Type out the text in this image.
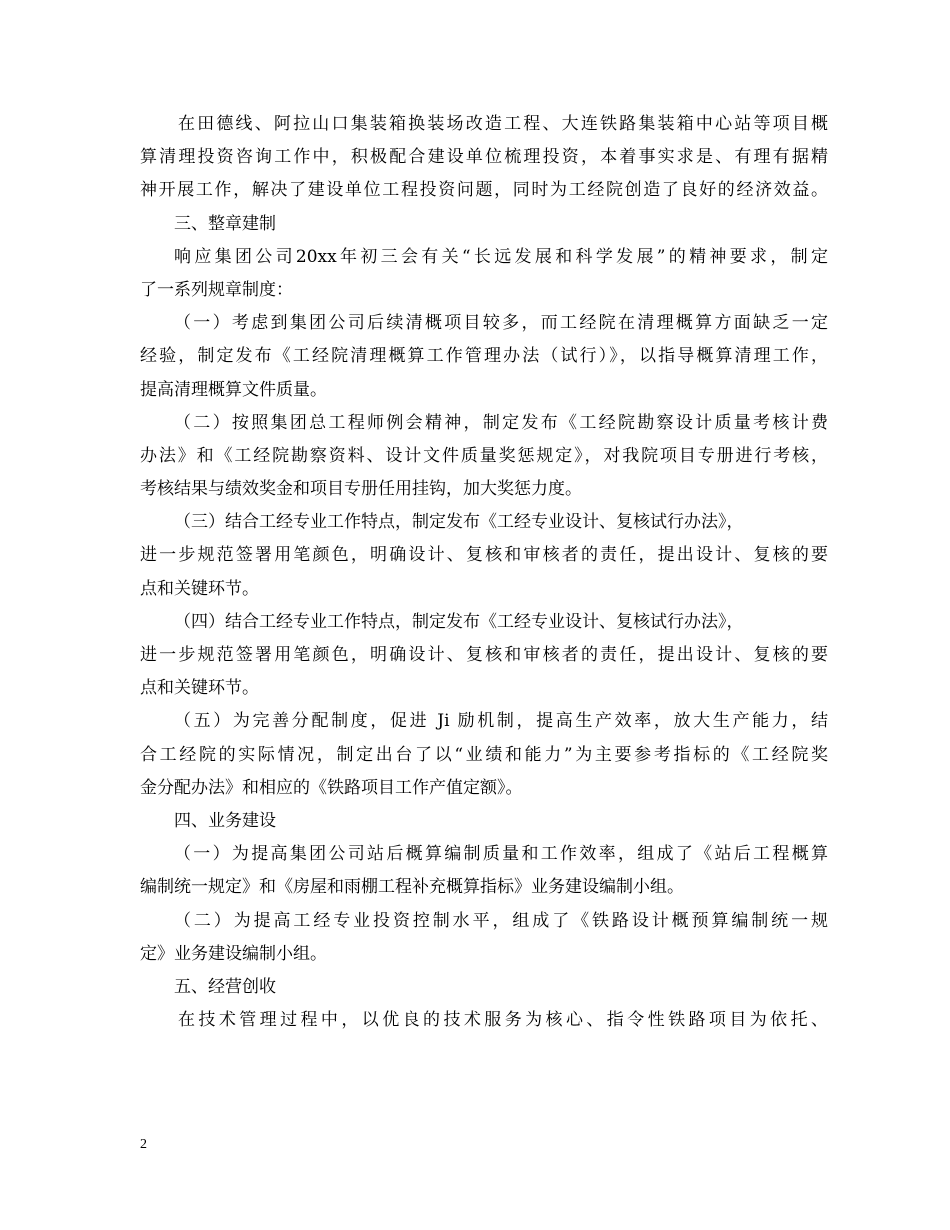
在田德线、阿拉山口集装箱换装场改造工程、大连铁路集装箱中心站等项目概
算清理投资咨询工作中，积极配合建设单位梳理投资，本着事实求是、有理有据精
神开展工作，解决了建设单位工程投资问题，同时为工经院创造了良好的经济效益。
三、整章建制
响应集团公司20xx年初三会有关“长远发展和科学发展”的精神要求，制定
了一系列规章制度：
（一）考虑到集团公司后续清概项目较多，而工经院在清理概算方面缺乏一定
经验，制定发布《工经院清理概算工作管理办法（试行）》，以指导概算清理工作，
提高清理概算文件质量。
（二）按照集团总工程师例会精神，制定发布《工经院勘察设计质量考核计费
办法》和《工经院勘察资料、设计文件质量奖惩规定》，对我院项目专册进行考核，
考核结果与绩效奖金和项目专册任用挂钩，加大奖惩力度。
（三）结合工经专业工作特点，制定发布《工经专业设计、复核试行办法》，
进一步规范签署用笔颜色，明确设计、复核和审核者的责任，提出设计、复核的要
点和关键环节。
（四）结合工经专业工作特点，制定发布《工经专业设计、复核试行办法》，
进一步规范签署用笔颜色，明确设计、复核和审核者的责任，提出设计、复核的要
点和关键环节。
（五）为完善分配制度，促进 Ji 励机制，提高生产效率，放大生产能力，结
合工经院的实际情况，制定出台了以“业绩和能力”为主要参考指标的《工经院奖
金分配办法》和相应的《铁路项目工作产值定额》。
四、业务建设
（一）为提高集团公司站后概算编制质量和工作效率，组成了《站后工程概算
编制统一规定》和《房屋和雨棚工程补充概算指标》业务建设编制小组。
（二）为提高工经专业投资控制水平，组成了《铁路设计概预算编制统一规
定》业务建设编制小组。
五、经营创收
在技术管理过程中，以优良的技术服务为核心、指令性铁路项目为依托、
2
